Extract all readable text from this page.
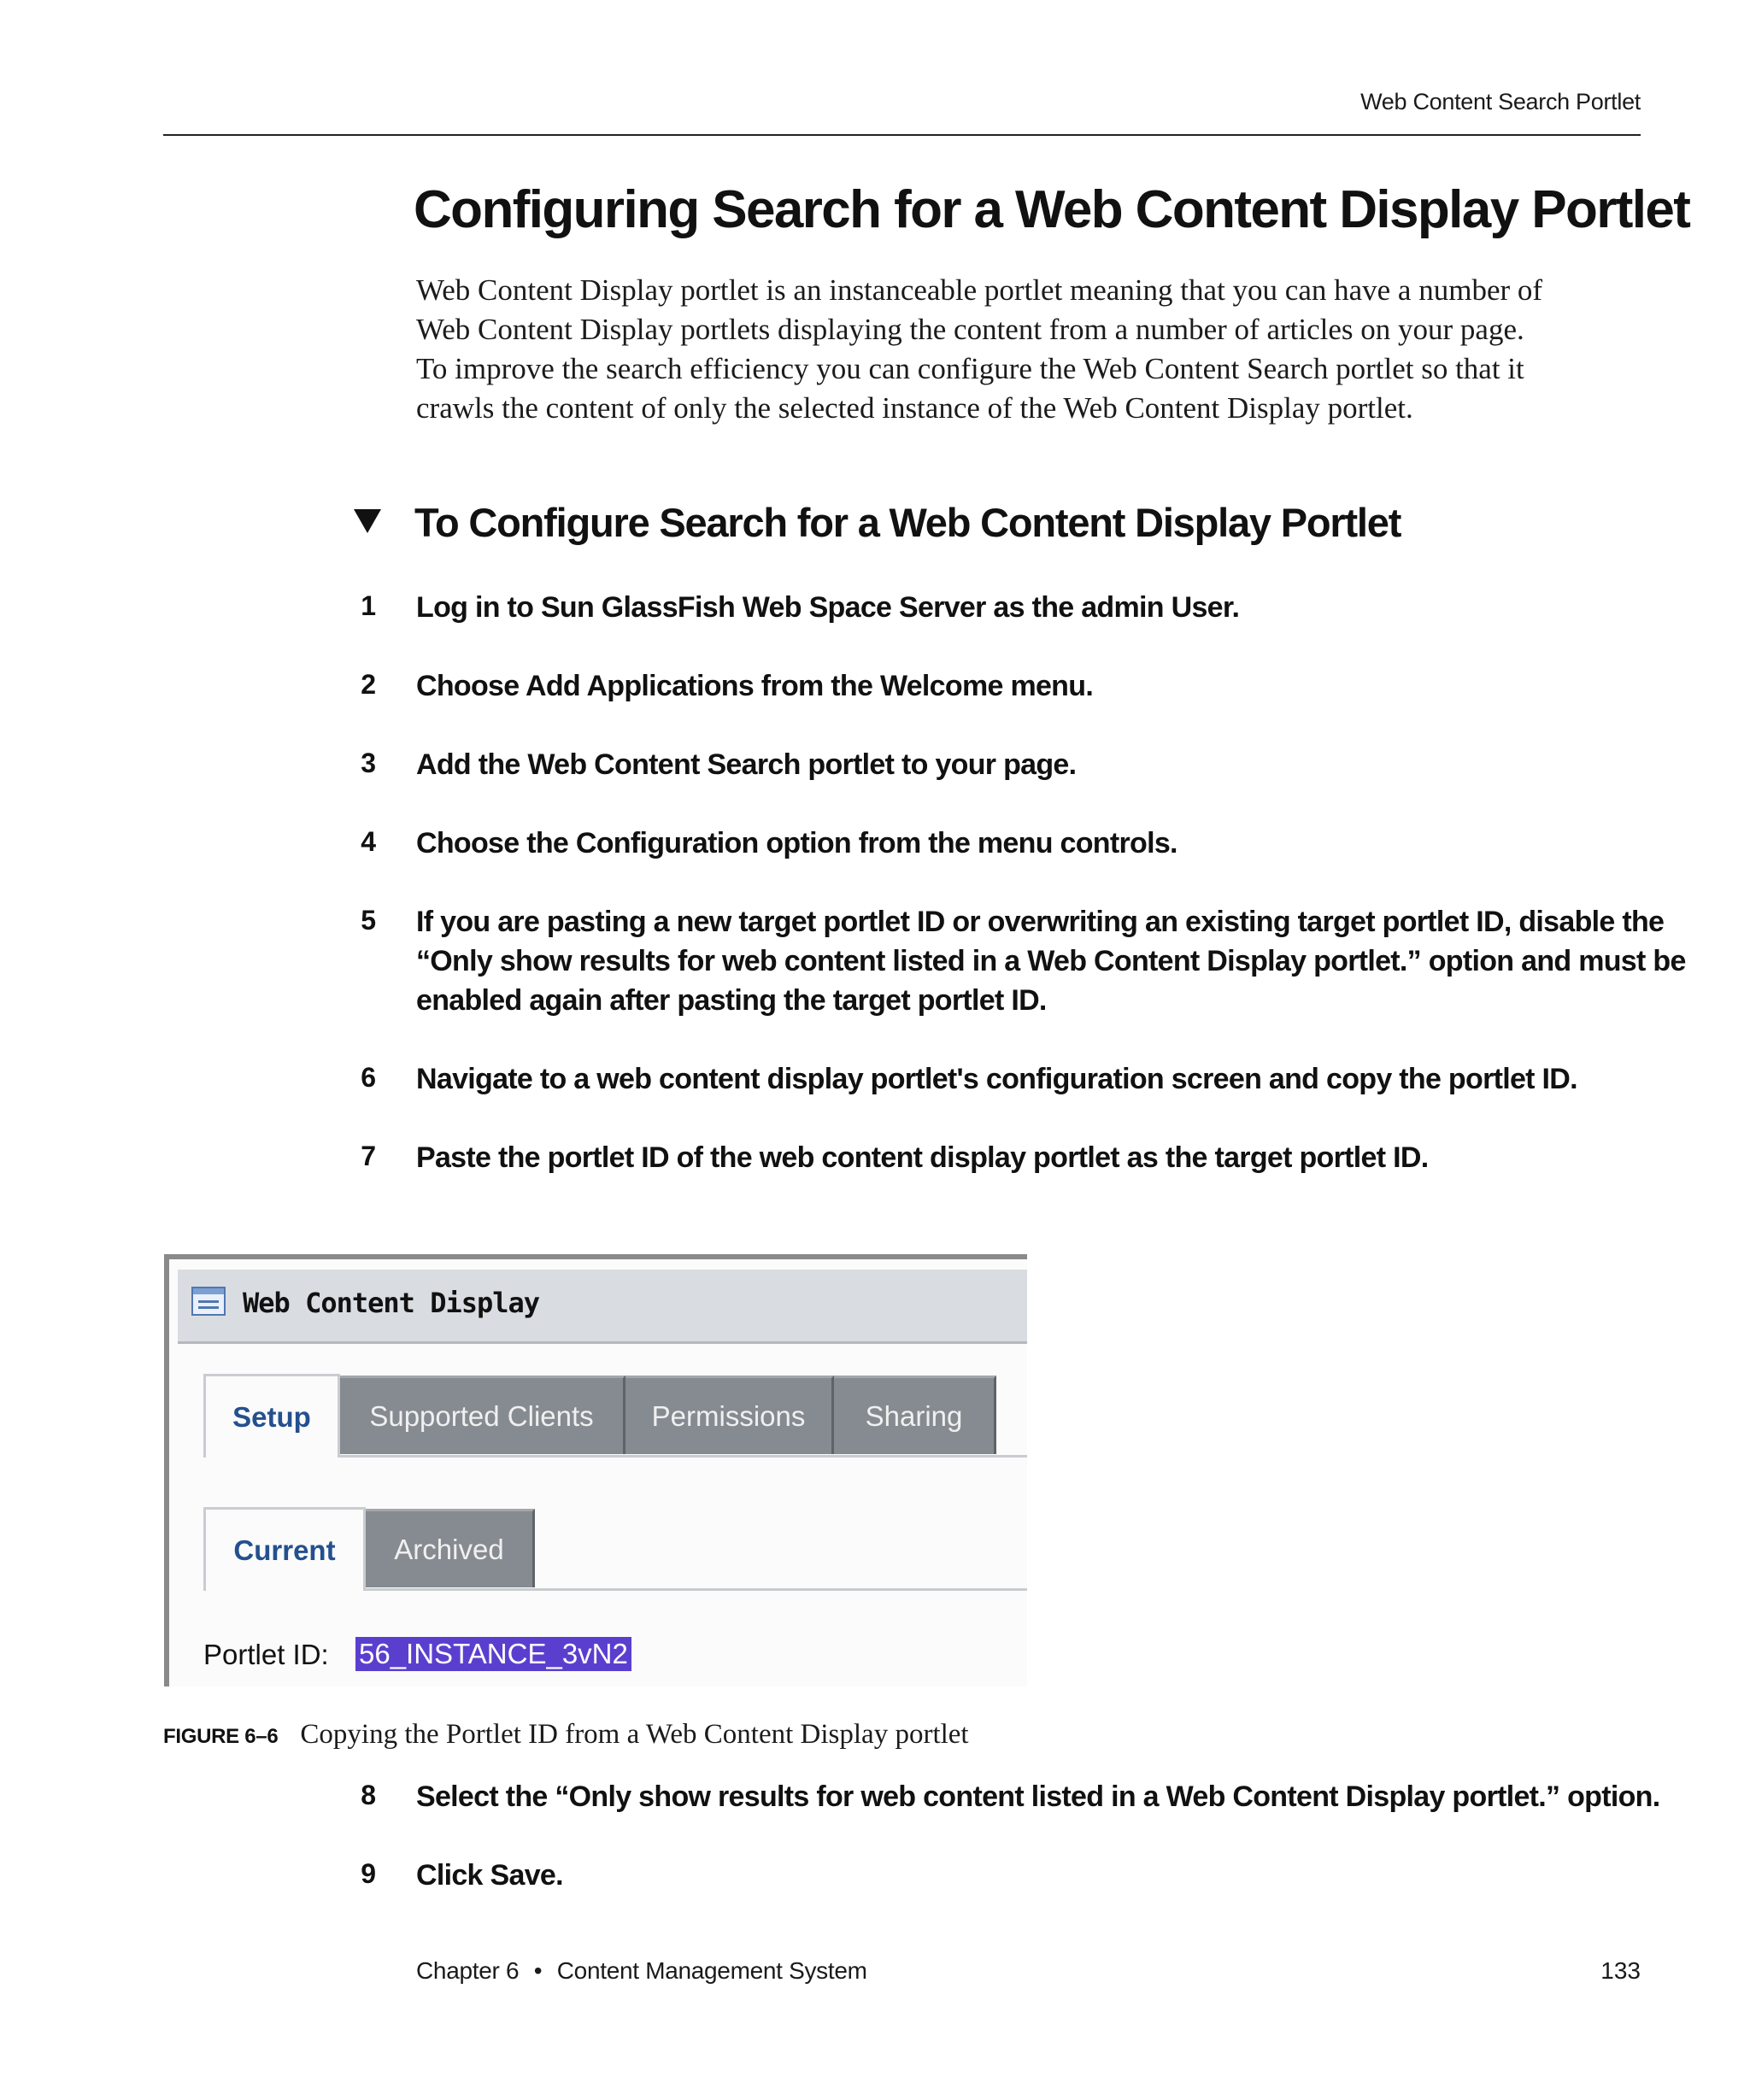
Web Content Search Portlet
Configuring Search for a Web Content Display Portlet

Web Content Display portlet is an instanceable portlet meaning that you can have a number of

Web Content Display portlets displaying the content from a number of articles on your page.

To improve the search efficiency you can configure the Web Content Search portlet so that it

crawls the content of only the selected instance of the Web Content Display portlet.

To Configure Search for a Web Content Display Portlet
1 Log in to Sun GlassFish Web Space Server as the admin User.
2 Choose Add Applications from the Welcome menu.
3 Add the Web Content Search portlet to your page.
4 Choose the Configuration option from the menu controls.
5 If you are pasting a new target portlet ID or overwriting an existing target portlet ID, disable the
“Only show results for web content listed in a Web Content Display portlet.” option and must be
enabled again after pasting the target portlet ID.
6 Navigate to a web content display portlet's configuration screen and copy the portlet ID.
7 Paste the portlet ID of the web content display portlet as the target portlet ID.
Web Content Display
Setup	Supported Clients	Permissions	Sharing
Current	Archived
Portlet ID: 56_INSTANCE_3vN2
FIGURE 6–6 Copying the Portlet ID from a Web Content Display portlet
8 Select the “Only show results for web content listed in a Web Content Display portlet.” option.
9 Click Save.
Chapter 6 • Content Management System	133
